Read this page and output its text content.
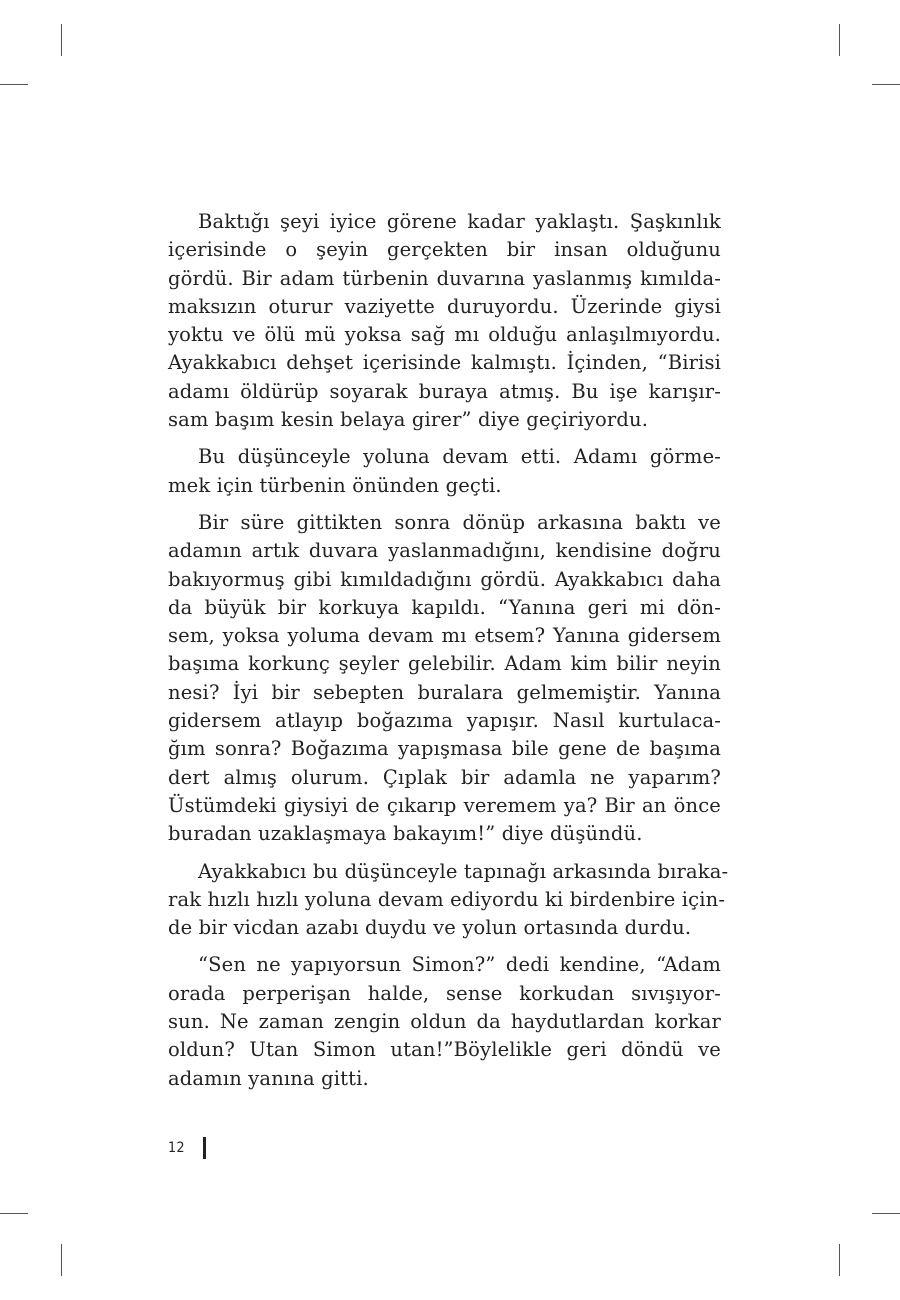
Baktığı şeyi iyice görene kadar yaklaştı. Şaşkınlık
içerisinde o şeyin gerçekten bir insan olduğunu
gördü. Bir adam türbenin duvarına yaslanmış kımılda-
maksızın oturur vaziyette duruyordu. Üzerinde giysi
yoktu ve ölü mü yoksa sağ mı olduğu anlaşılmıyordu.
Ayakkabıcı dehşet içerisinde kalmıştı. İçinden, “Birisi
adamı öldürüp soyarak buraya atmış. Bu işe karışır-
sam başım kesin belaya girer” diye geçiriyordu.
Bu düşünceyle yoluna devam etti. Adamı görme-
mek için türbenin önünden geçti.
Bir süre gittikten sonra dönüp arkasına baktı ve
adamın artık duvara yaslanmadığını, kendisine doğru
bakıyormuş gibi kımıldadığını gördü. Ayakkabıcı daha
da büyük bir korkuya kapıldı. “Yanına geri mi dön-
sem, yoksa yoluma devam mı etsem? Yanına gidersem
başıma korkunç şeyler gelebilir. Adam kim bilir neyin
nesi? İyi bir sebepten buralara gelmemiştir. Yanına
gidersem atlayıp boğazıma yapışır. Nasıl kurtulaca-
ğım sonra? Boğazıma yapışmasa bile gene de başıma
dert almış olurum. Çıplak bir adamla ne yaparım?
Üstümdeki giysiyi de çıkarıp veremem ya? Bir an önce
buradan uzaklaşmaya bakayım!” diye düşündü.
Ayakkabıcı bu düşünceyle tapınağı arkasında bıraka-
rak hızlı hızlı yoluna devam ediyordu ki birdenbire için-
de bir vicdan azabı duydu ve yolun ortasında durdu.
“Sen ne yapıyorsun Simon?” dedi kendine, “Adam
orada perperişan halde, sense korkudan sıvışıyor-
sun. Ne zaman zengin oldun da haydutlardan korkar
oldun? Utan Simon utan!”Böylelikle geri döndü ve
adamın yanına gitti.
12
